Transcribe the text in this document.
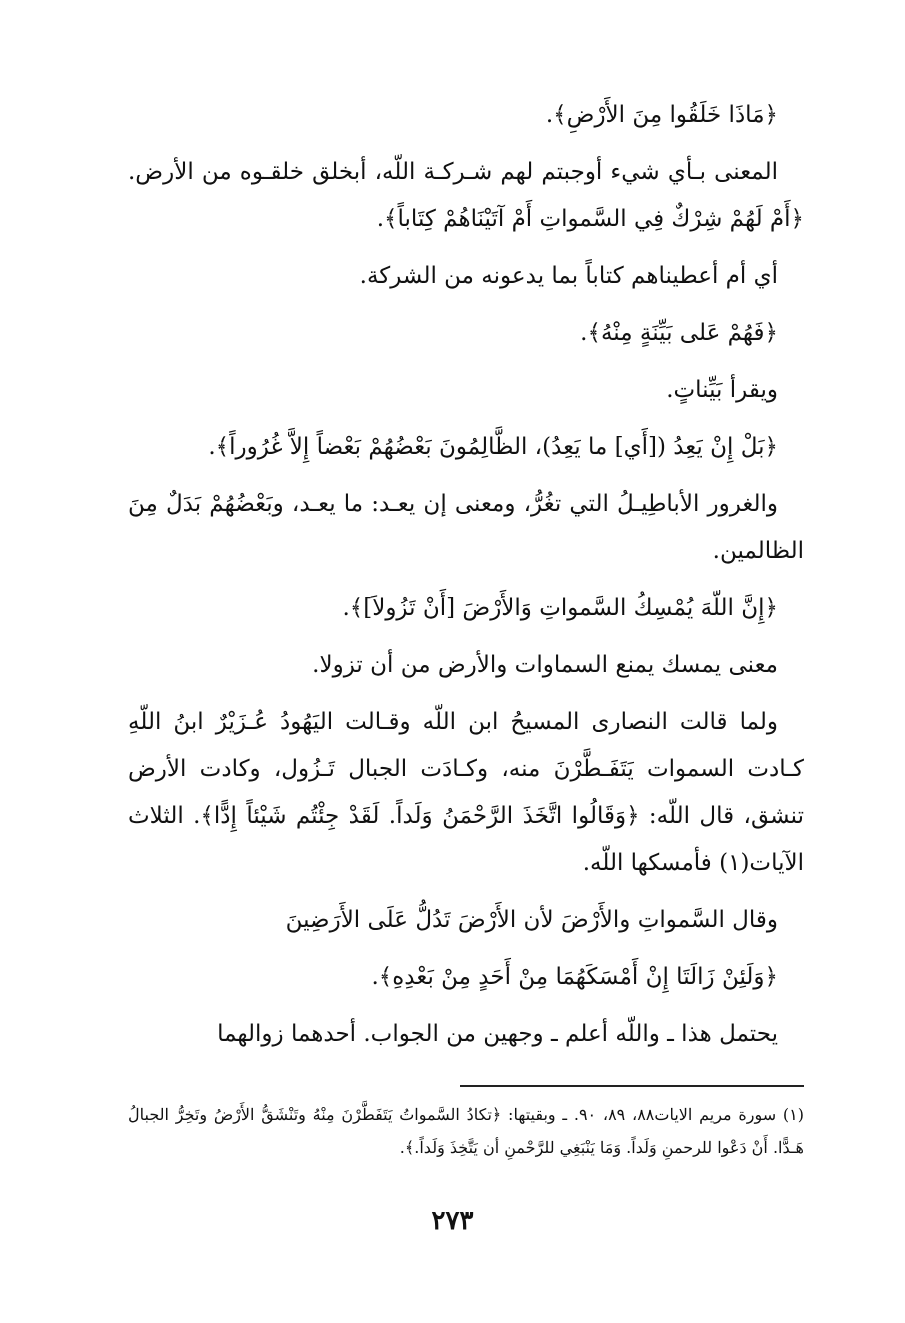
﴿مَاذَا خَلَقُوا مِنَ الأَرْضِ﴾.

المعنى بـأي شيء أوجبتم لهم شـركـة اللّه، أبخلق خلقـوه من الأرض.﴿أَمْ لَهُمْ شِرْكٌ فِي السَّمواتِ أَمْ آتَيْنَاهُمْ كِتَاباً﴾.

أي أم أعطيناهم كتاباً بما يدعونه من الشركة.

﴿فَهُمْ عَلى بَيِّنَةٍ مِنْهُ﴾.

ويقرأ بَيِّناتٍ.

﴿بَلْ إِنْ يَعِدُ ([أَي] ما يَعِدُ)، الظَّالِمُونَ بَعْضُهُمْ بَعْضاً إِلاَّ غُرُوراً﴾.

والغرور الأباطِيـلُ التي تغُرُّ، ومعنى إن يعـد: ما يعـد، وبَعْضُهُمْ بَدَلٌ مِنَ الظالمين.

﴿إِنَّ اللّهَ يُمْسِكُ السَّمواتِ وَالأَرْضَ [أَنْ تَزُولاَ]﴾.

معنى يمسك يمنع السماوات والأرض من أن تزولا.

ولما قالت النصارى المسيحُ ابن اللّه وقـالت اليَهُودُ عُـزَيْرٌ ابنُ اللّهِ كـادت السموات يَتَفَـطَّرْنَ منه، وكـادَت الجبال تَـزُول، وكادت الأرض تنشق، قال اللّه: ﴿وَقَالُوا اتَّخَذَ الرَّحْمَنُ وَلَداً. لَقَدْ جِئْتُم شَيْئاً إِدًّا﴾. الثلاث الآيات(١) فأمسكها اللّه.

وقال السَّمواتِ والأَرْضَ لأن الأَرْضَ تَدُلُّ عَلَى الأَرَضِينَ

﴿وَلَئِنْ زَالَتَا إِنْ أَمْسَكَهُمَا مِنْ أَحَدٍ مِنْ بَعْدِهِ﴾.

يحتمل هذا ـ واللّه أعلم ـ وجهين من الجواب. أحدهما زوالهما

(١) سورة مريم الايات٨٨، ٨٩، ٩٠. ـ وبقيتها: ﴿تكادُ السَّمواتُ يَتَفَطَّرْنَ مِنْهُ وتَنْشَقُّ الأَرْضُ وتَخِرُّ الجبالُ هَـدًّا. أَنْ دَعْوا للرحمنِ وَلَداً. وَمَا يَنْبَغِي للرَّحْمنِ أن يَتَّخِذَ وَلَداً.﴾.
٢٧٣
